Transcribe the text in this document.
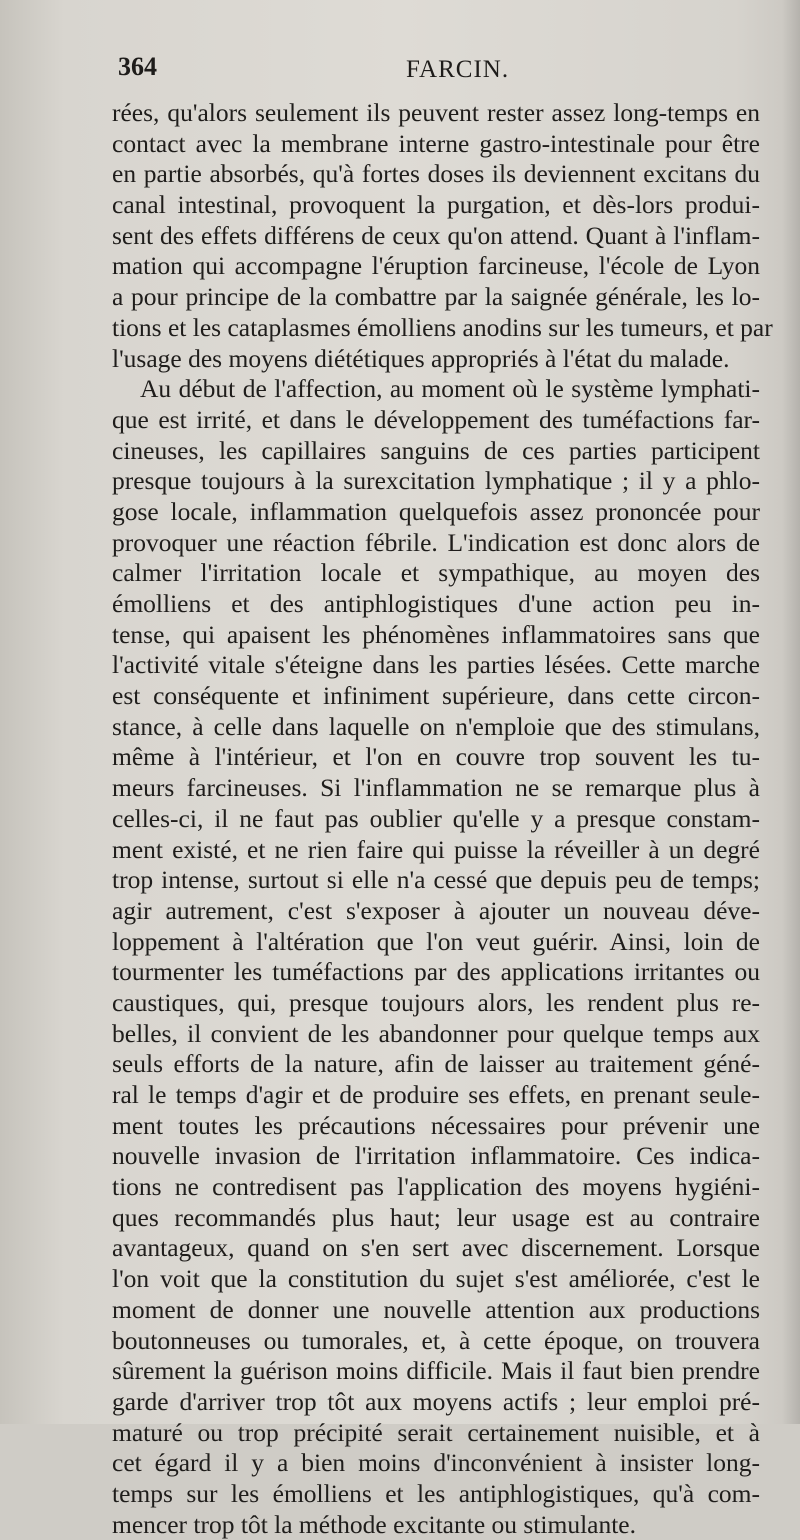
364	FARCIN.
rées, qu'alors seulement ils peuvent rester assez long-temps en
contact avec la membrane interne gastro-intestinale pour être
en partie absorbés, qu'à fortes doses ils deviennent excitans du
canal intestinal, provoquent la purgation, et dès-lors produi-
sent des effets différens de ceux qu'on attend. Quant à l'inflam-
mation qui accompagne l'éruption farcineuse, l'école de Lyon
a pour principe de la combattre par la saignée générale, les lo-
tions et les cataplasmes émolliens anodins sur les tumeurs, et par
l'usage des moyens diététiques appropriés à l'état du malade.
Au début de l'affection, au moment où le système lymphati-
que est irrité, et dans le développement des tuméfactions far-
cineuses, les capillaires sanguins de ces parties participent
presque toujours à la surexcitation lymphatique ; il y a phlo-
gose locale, inflammation quelquefois assez prononcée pour
provoquer une réaction fébrile. L'indication est donc alors de
calmer l'irritation locale et sympathique, au moyen des
émolliens et des antiphlogistiques d'une action peu in-
tense, qui apaisent les phénomènes inflammatoires sans que
l'activité vitale s'éteigne dans les parties lésées. Cette marche
est conséquente et infiniment supérieure, dans cette circon-
stance, à celle dans laquelle on n'emploie que des stimulans,
même à l'intérieur, et l'on en couvre trop souvent les tu-
meurs farcineuses. Si l'inflammation ne se remarque plus à
celles-ci, il ne faut pas oublier qu'elle y a presque constam-
ment existé, et ne rien faire qui puisse la réveiller à un degré
trop intense, surtout si elle n'a cessé que depuis peu de temps;
agir autrement, c'est s'exposer à ajouter un nouveau déve-
loppement à l'altération que l'on veut guérir. Ainsi, loin de
tourmenter les tuméfactions par des applications irritantes ou
caustiques, qui, presque toujours alors, les rendent plus re-
belles, il convient de les abandonner pour quelque temps aux
seuls efforts de la nature, afin de laisser au traitement géné-
ral le temps d'agir et de produire ses effets, en prenant seule-
ment toutes les précautions nécessaires pour prévenir une
nouvelle invasion de l'irritation inflammatoire. Ces indica-
tions ne contredisent pas l'application des moyens hygiéni-
ques recommandés plus haut; leur usage est au contraire
avantageux, quand on s'en sert avec discernement. Lorsque
l'on voit que la constitution du sujet s'est améliorée, c'est le
moment de donner une nouvelle attention aux productions
boutonneuses ou tumorales, et, à cette époque, on trouvera
sûrement la guérison moins difficile. Mais il faut bien prendre
garde d'arriver trop tôt aux moyens actifs ; leur emploi pré-
maturé ou trop précipité serait certainement nuisible, et à
cet égard il y a bien moins d'inconvénient à insister long-
temps sur les émolliens et les antiphlogistiques, qu'à com-
mencer trop tôt la méthode excitante ou stimulante.
